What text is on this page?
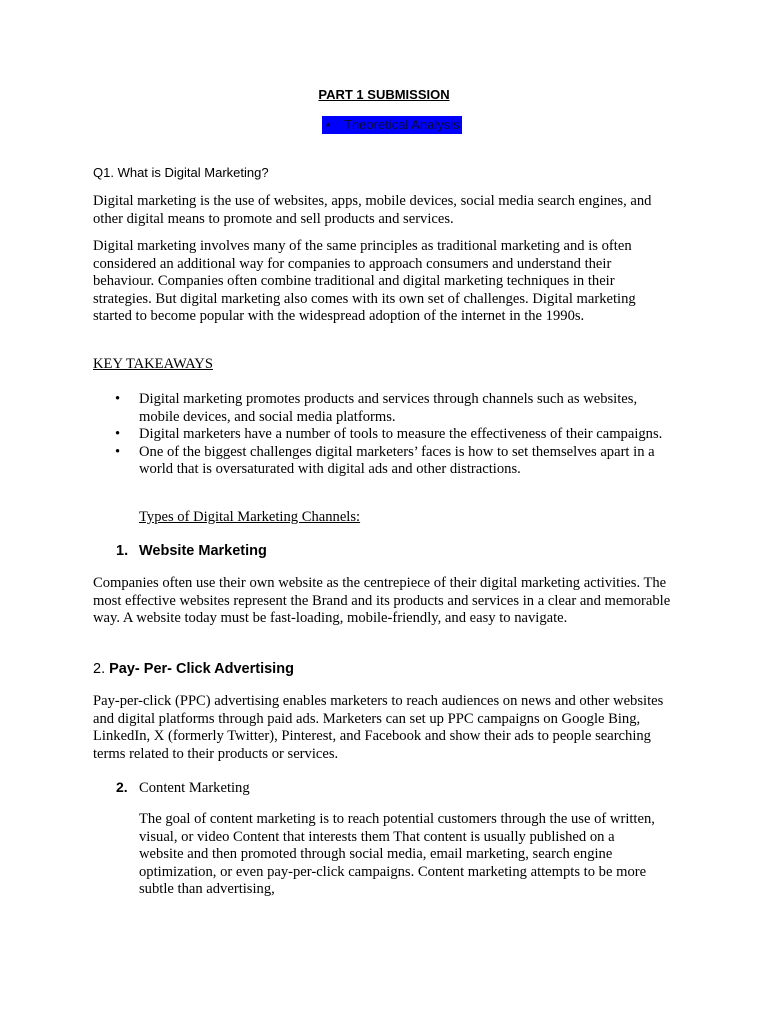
PART 1 SUBMISSION
• Theoretical Analysis
Q1. What is Digital Marketing?
Digital marketing is the use of websites, apps, mobile devices, social media search engines, and other digital means to promote and sell products and services.
Digital marketing involves many of the same principles as traditional marketing and is often considered an additional way for companies to approach consumers and understand their behaviour. Companies often combine traditional and digital marketing techniques in their strategies. But digital marketing also comes with its own set of challenges. Digital marketing started to become popular with the widespread adoption of the internet in the 1990s.
KEY TAKEAWAYS
• Digital marketing promotes products and services through channels such as websites, mobile devices, and social media platforms.
• Digital marketers have a number of tools to measure the effectiveness of their campaigns.
• One of the biggest challenges digital marketers’ faces is how to set themselves apart in a world that is oversaturated with digital ads and other distractions.
Types of Digital Marketing Channels:
1. Website Marketing
Companies often use their own website as the centrepiece of their digital marketing activities. The most effective websites represent the Brand and its products and services in a clear and memorable way. A website today must be fast-loading, mobile-friendly, and easy to navigate.
2. Pay- Per- Click Advertising
Pay-per-click (PPC) advertising enables marketers to reach audiences on news and other websites and digital platforms through paid ads. Marketers can set up PPC campaigns on Google Bing, LinkedIn, X (formerly Twitter), Pinterest, and Facebook and show their ads to people searching terms related to their products or services.
2. Content Marketing
The goal of content marketing is to reach potential customers through the use of written, visual, or video Content that interests them That content is usually published on a website and then promoted through social media, email marketing, search engine optimization, or even pay-per-click campaigns. Content marketing attempts to be more subtle than advertising,
